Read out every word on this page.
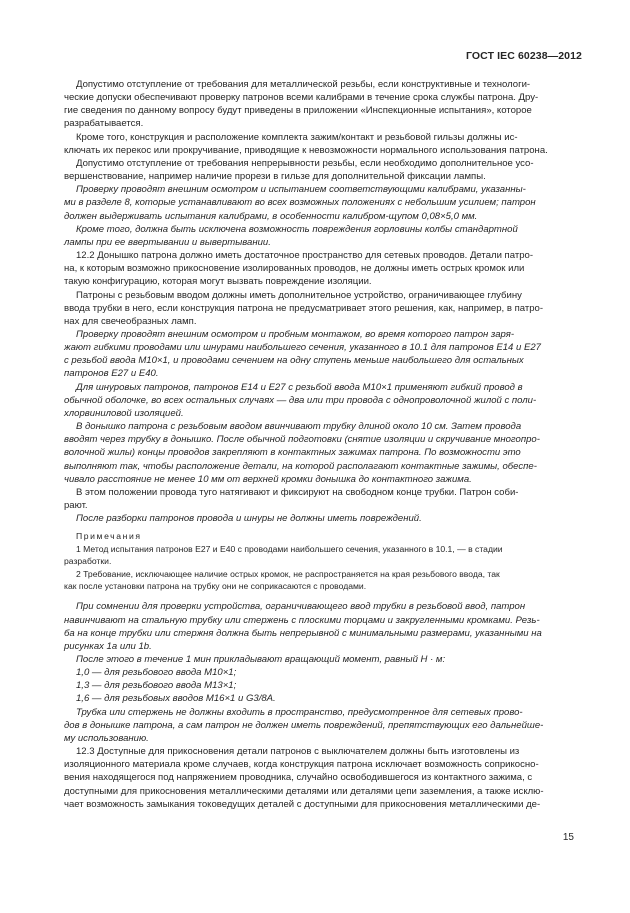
ГОСТ IEC 60238—2012

Допустимо отступление от требования для металлической резьбы, если конструктивные и технологи-
ческие допуски обеспечивают проверку патронов всеми калибрами в течение срока службы патрона. Дру-
гие сведения по данному вопросу будут приведены в приложении «Инспекционные испытания», которое
разрабатывается.

Кроме того, конструкция и расположение комплекта зажим/контакт и резьбовой гильзы должны ис-
ключать их перекос или прокручивание, приводящие к невозможности нормального использования патрона.

Допустимо отступление от требования непрерывности резьбы, если необходимо дополнительное усо-
вершенствование, например наличие прорези в гильзе для дополнительной фиксации лампы.

Проверку проводят внешним осмотром и испытанием соответствующими калибрами, указанны-
ми в разделе 8, которые устанавливают во всех возможных положениях с небольшим усилием; патрон
должен выдерживать испытания калибрами, в особенности калибром-щупом 0,08×5,0 мм.

Кроме того, должна быть исключена возможность повреждения горловины колбы стандартной
лампы при ее ввертывании и вывертывании.

12.2 Донышко патрона должно иметь достаточное пространство для сетевых проводов. Детали патро-
на, к которым возможно прикосновение изолированных проводов, не должны иметь острых кромок или
такую конфигурацию, которая могут вызвать повреждение изоляции.

Патроны с резьбовым вводом должны иметь дополнительное устройство, ограничивающее глубину
ввода трубки в него, если конструкция патрона не предусматривает этого решения, как, например, в патро-
нах для свечеобразных ламп.

Проверку проводят внешним осмотром и пробным монтажом, во время которого патрон заря-
жают гибкими проводами или шнурами наибольшего сечения, указанного в 10.1 для патронов Е14 и Е27
с резьбой ввода М10×1, и проводами сечением на одну ступень меньше наибольшего для остальных
патронов Е27 и Е40.

Для шнуровых патронов, патронов Е14 и Е27 с резьбой ввода М10×1 применяют гибкий провод в
обычной оболочке, во всех остальных случаях — два или три провода с однопроволочной жилой с поли-
хлорвиниловой изоляцией.

В донышко патрона с резьбовым вводом ввинчивают трубку длиной около 10 см. Затем провода
вводят через трубку в донышко. После обычной подготовки (снятие изоляции и скручивание многопро-
волочной жилы) концы проводов закрепляют в контактных зажимах патрона. По возможности это
выполняют так, чтобы расположение детали, на которой располагают контактные зажимы, обеспе-
чивало расстояние не менее 10 мм от верхней кромки донышка до контактного зажима.

В этом положении провода туго натягивают и фиксируют на свободном конце трубки. Патрон соби-
рают.

После разборки патронов провода и шнуры не должны иметь повреждений.

Примечания

1 Метод испытания патронов Е27 и Е40 с проводами наибольшего сечения, указанного в 10.1, — в стадии
разработки.

2 Требование, исключающее наличие острых кромок, не распространяется на края резьбового ввода, так
как после установки патрона на трубку они не соприкасаются с проводами.

При сомнении для проверки устройства, ограничивающего ввод трубки в резьбовой ввод, патрон
навинчивают на стальную трубку или стержень с плоскими торцами и закругленными кромками. Резь-
ба на конце трубки или стержня должна быть непрерывной с минимальными размерами, указанными на
рисунках 1а или 1b.

После этого в течение 1 мин прикладывают вращающий момент, равный Н · м:

1,0 — для резьбового ввода М10×1;

1,3 — для резьбового ввода М13×1;

1,6 — для резьбовых вводов М16×1 и G3/8А.

Трубка или стержень не должны входить в пространство, предусмотренное для сетевых прово-
дов в донышке патрона, а сам патрон не должен иметь повреждений, препятствующих его дальнейше-
му использованию.

12.3 Доступные для прикосновения детали патронов с выключателем должны быть изготовлены из
изоляционного материала кроме случаев, когда конструкция патрона исключает возможность соприкосно-
вения находящегося под напряжением проводника, случайно освободившегося из контактного зажима, с
доступными для прикосновения металлическими деталями или деталями цепи заземления, а также исклю-
чает возможность замыкания токоведущих деталей с доступными для прикосновения металлическими де-

15
